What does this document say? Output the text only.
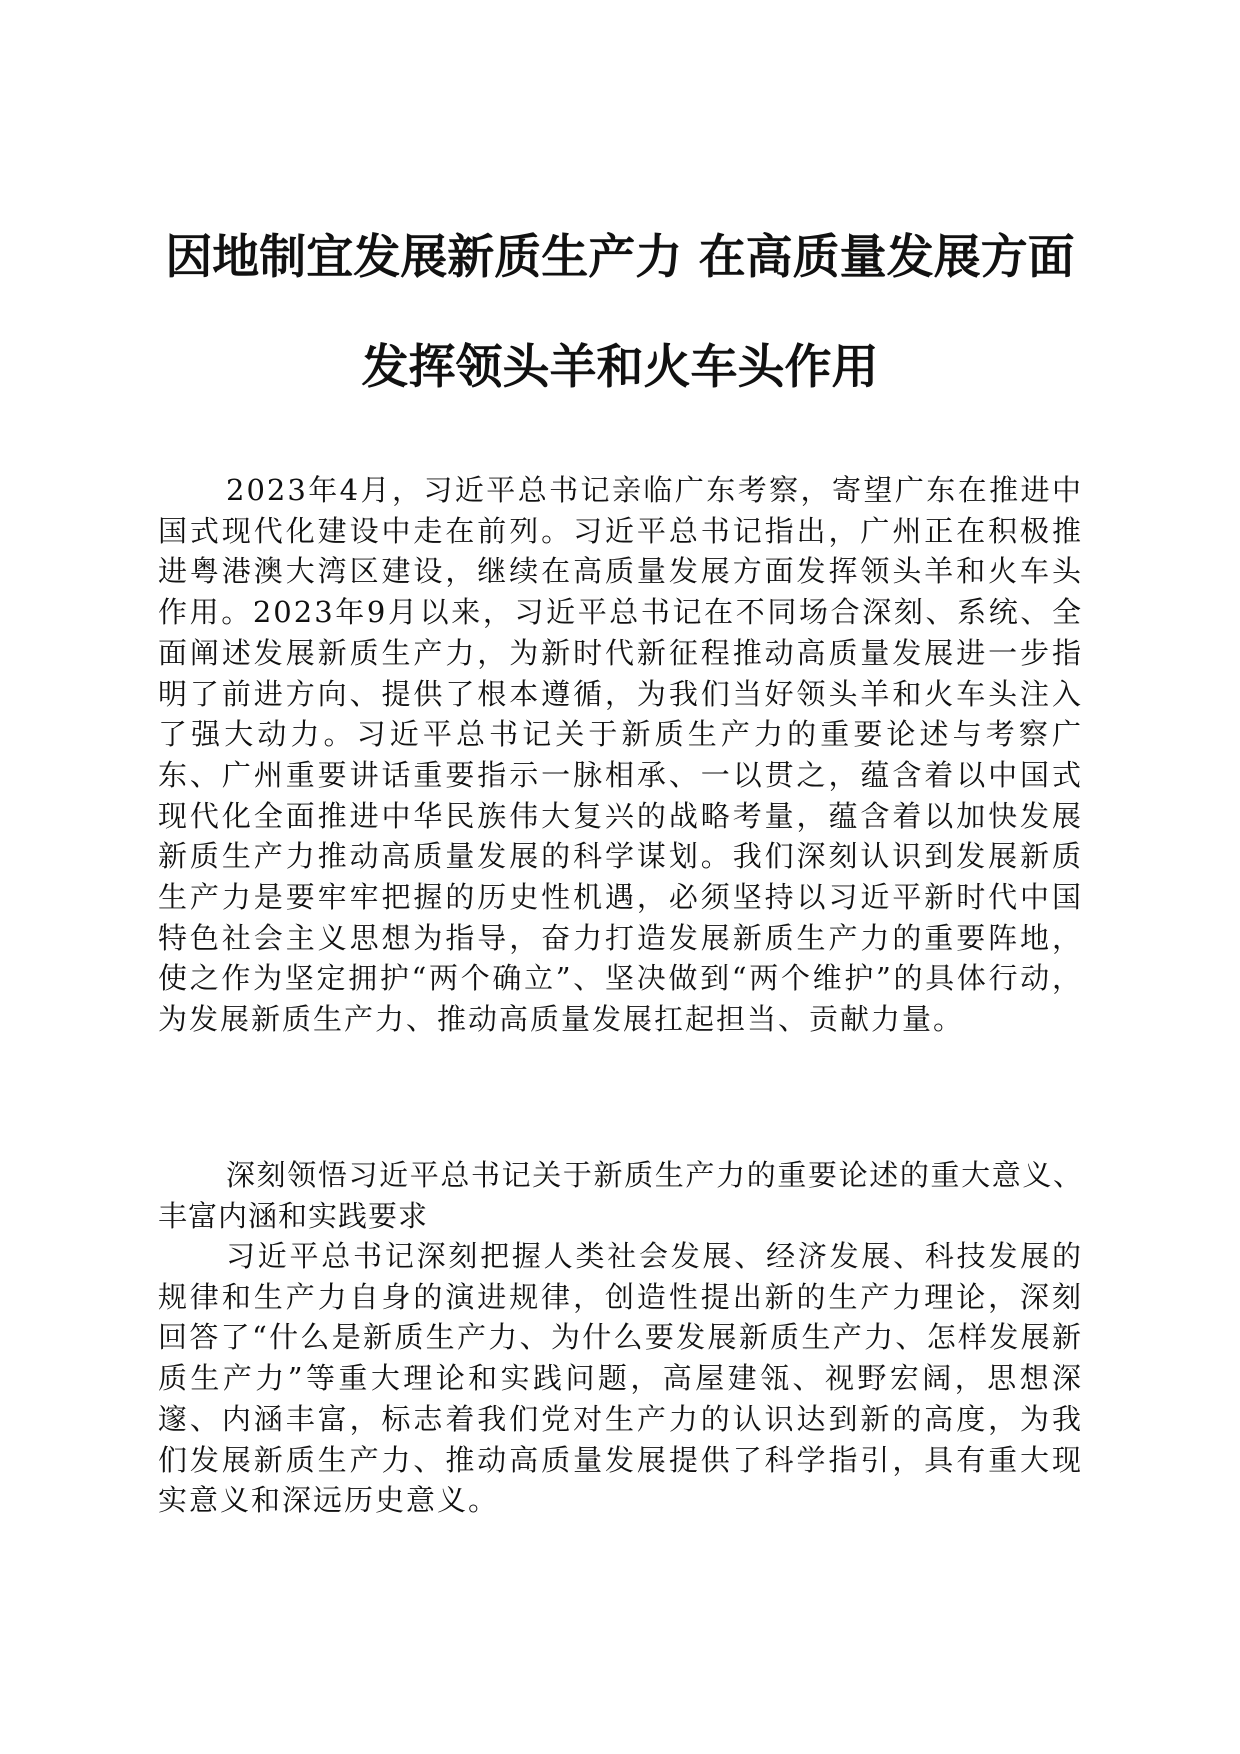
因地制宜发展新质生产力 在高质量发展方面
发挥领头羊和火车头作用

2023年4月，习近平总书记亲临广东考察，寄望广东在推进中国式现代化建设中走在前列。习近平总书记指出，广州正在积极推进粤港澳大湾区建设，继续在高质量发展方面发挥领头羊和火车头作用。2023年9月以来，习近平总书记在不同场合深刻、系统、全面阐述发展新质生产力，为新时代新征程推动高质量发展进一步指明了前进方向、提供了根本遵循，为我们当好领头羊和火车头注入了强大动力。习近平总书记关于新质生产力的重要论述与考察广东、广州重要讲话重要指示一脉相承、一以贯之，蕴含着以中国式现代化全面推进中华民族伟大复兴的战略考量，蕴含着以加快发展新质生产力推动高质量发展的科学谋划。我们深刻认识到发展新质生产力是要牢牢把握的历史性机遇，必须坚持以习近平新时代中国特色社会主义思想为指导，奋力打造发展新质生产力的重要阵地，使之作为坚定拥护“两个确立”、坚决做到“两个维护”的具体行动，为发展新质生产力、推动高质量发展扛起担当、贡献力量。

深刻领悟习近平总书记关于新质生产力的重要论述的重大意义、丰富内涵和实践要求

习近平总书记深刻把握人类社会发展、经济发展、科技发展的规律和生产力自身的演进规律，创造性提出新的生产力理论，深刻回答了“什么是新质生产力、为什么要发展新质生产力、怎样发展新质生产力”等重大理论和实践问题，高屋建瓴、视野宏阔，思想深邃、内涵丰富，标志着我们党对生产力的认识达到新的高度，为我们发展新质生产力、推动高质量发展提供了科学指引，具有重大现实意义和深远历史意义。
